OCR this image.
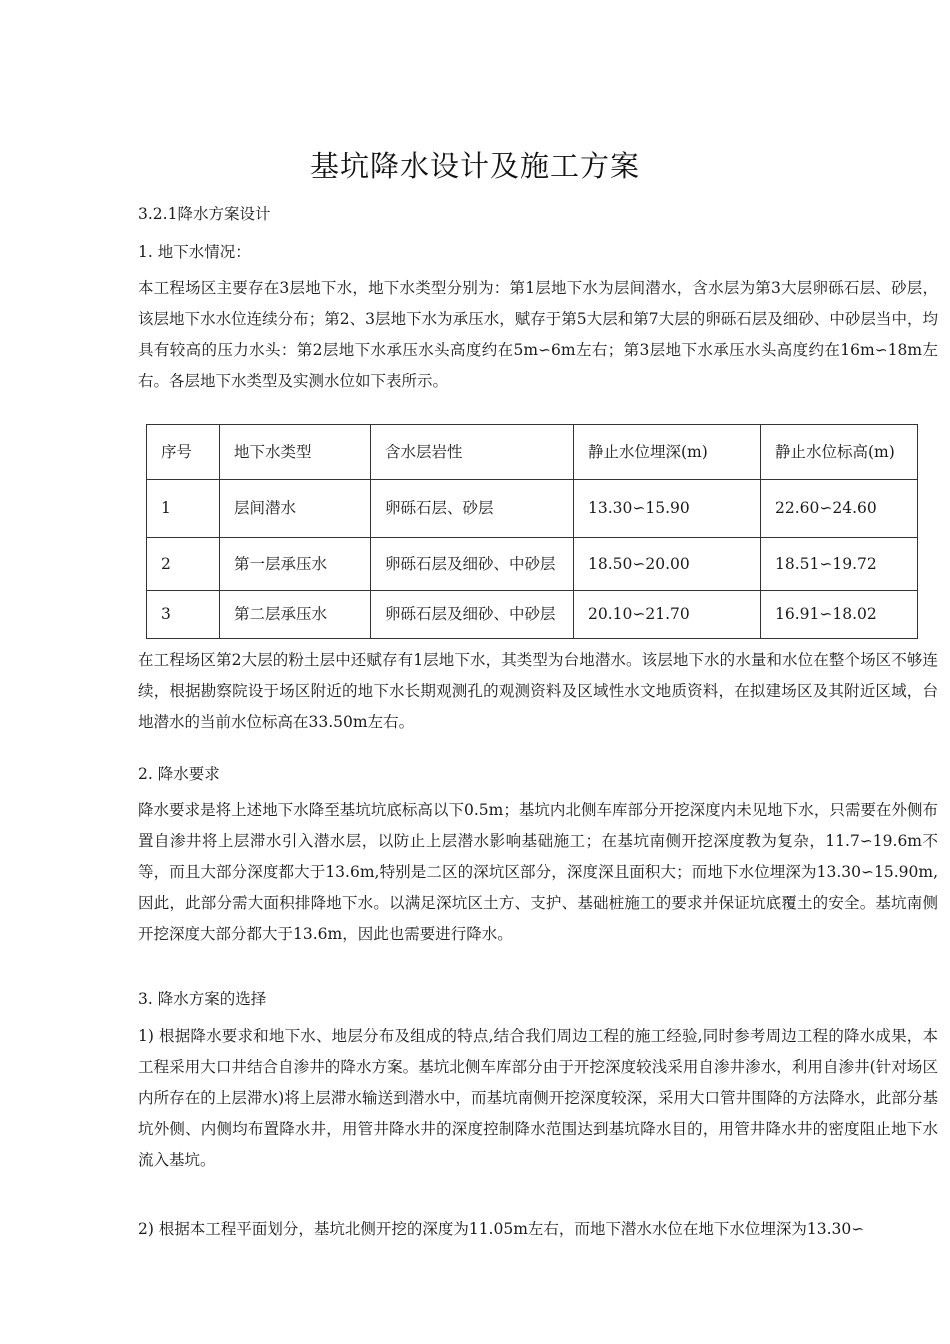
基坑降水设计及施工方案
3.2.1降水方案设计
1. 地下水情况：
本工程场区主要存在3层地下水，地下水类型分别为：第1层地下水为层间潜水，含水层为第3大层卵砾石层、砂层，该层地下水水位连续分布；第2、3层地下水为承压水，赋存于第5大层和第7大层的卵砾石层及细砂、中砂层当中，均具有较高的压力水头：第2层地下水承压水头高度约在5m∽6m左右；第3层地下水承压水头高度约在16m∽18m左右。各层地下水类型及实测水位如下表所示。
序号	地下水类型	含水层岩性	静止水位埋深(m)	静止水位标高(m)
1	层间潜水	卵砾石层、砂层	13.30∽15.90	22.60∽24.60
2	第一层承压水	卵砾石层及细砂、中砂层	18.50∽20.00	18.51∽19.72
3	第二层承压水	卵砾石层及细砂、中砂层	20.10∽21.70	16.91∽18.02
在工程场区第2大层的粉土层中还赋存有1层地下水，其类型为台地潜水。该层地下水的水量和水位在整个场区不够连续，根据勘察院设于场区附近的地下水长期观测孔的观测资料及区域性水文地质资料，在拟建场区及其附近区域，台地潜水的当前水位标高在33.50m左右。
2. 降水要求
降水要求是将上述地下水降至基坑坑底标高以下0.5m；基坑内北侧车库部分开挖深度内未见地下水，只需要在外侧布置自渗井将上层滞水引入潜水层，以防止上层潜水影响基础施工；在基坑南侧开挖深度教为复杂，11.7∽19.6m不等，而且大部分深度都大于13.6m,特别是二区的深坑区部分，深度深且面积大；而地下水位埋深为13.30∽15.90m,因此，此部分需大面积排降地下水。以满足深坑区土方、支护、基础桩施工的要求并保证坑底覆土的安全。基坑南侧开挖深度大部分都大于13.6m，因此也需要进行降水。
3. 降水方案的选择
1) 根据降水要求和地下水、地层分布及组成的特点,结合我们周边工程的施工经验,同时参考周边工程的降水成果，本工程采用大口井结合自渗井的降水方案。基坑北侧车库部分由于开挖深度较浅采用自渗井渗水，利用自渗井(针对场区内所存在的上层滞水)将上层滞水输送到潜水中，而基坑南侧开挖深度较深，采用大口管井围降的方法降水，此部分基坑外侧、内侧均布置降水井，用管井降水井的深度控制降水范围达到基坑降水目的，用管井降水井的密度阻止地下水流入基坑。
2) 根据本工程平面划分，基坑北侧开挖的深度为11.05m左右，而地下潜水水位在地下水位埋深为13.30∽
